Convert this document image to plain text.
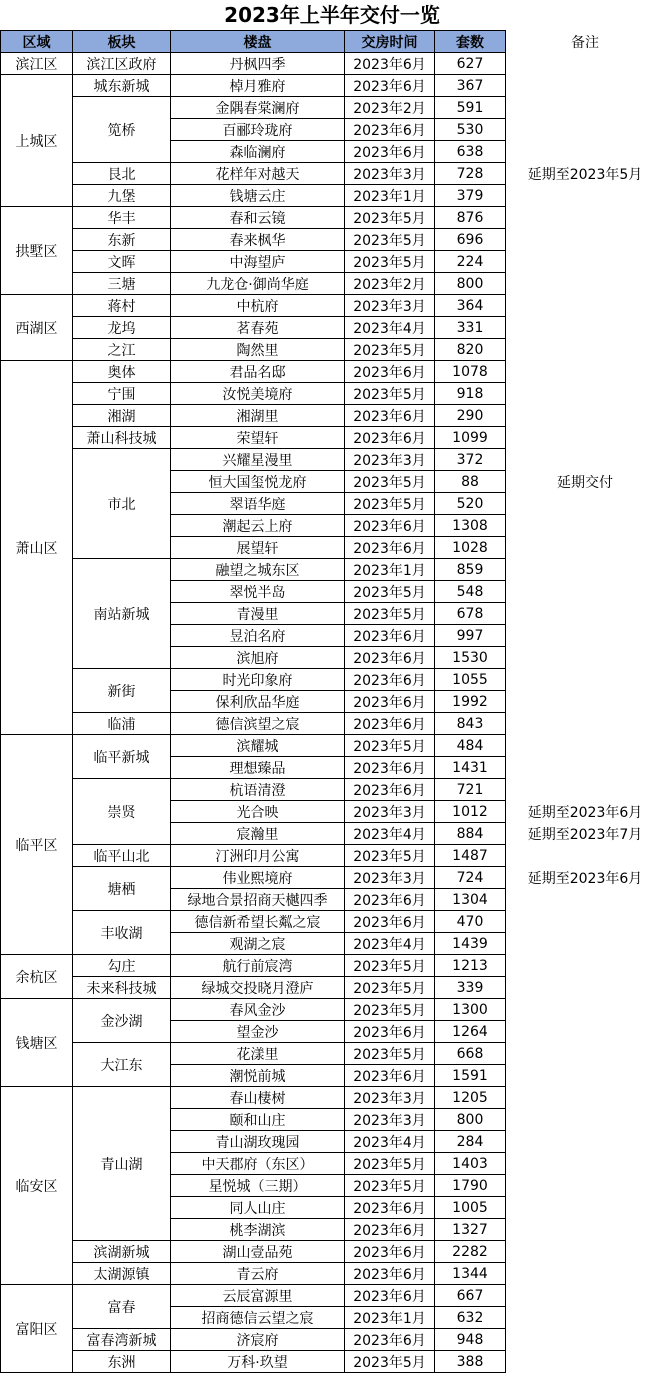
2023年上半年交付一览
区域	板块	楼盘	交房时间	套数	备注
滨江区	滨江区政府	丹枫四季	2023年6月	627	
上城区	城东新城	棹月雅府	2023年6月	367	
	笕桥	金隅春棠澜府	2023年2月	591	
		百郦玲珑府	2023年6月	530	
		森临澜府	2023年6月	638	
	艮北	花样年对越天	2023年3月	728	延期至2023年5月
	九堡	钱塘云庄	2023年1月	379	
拱墅区	华丰	春和云镜	2023年5月	876	
	东新	春来枫华	2023年5月	696	
	文晖	中海望庐	2023年5月	224	
	三塘	九龙仓·御尚华庭	2023年2月	800	
西湖区	蒋村	中杭府	2023年3月	364	
	龙坞	茗春苑	2023年4月	331	
	之江	陶然里	2023年5月	820	
萧山区	奥体	君品名邸	2023年6月	1078	
	宁围	汝悦美境府	2023年5月	918	
	湘湖	湘湖里	2023年6月	290	
	萧山科技城	荣望轩	2023年6月	1099	
	市北	兴耀星漫里	2023年3月	372	
		恒大国玺悦龙府	2023年5月	88	延期交付
		翠语华庭	2023年5月	520	
		潮起云上府	2023年6月	1308	
		展望轩	2023年6月	1028	
	南站新城	融望之城东区	2023年1月	859	
		翠悦半岛	2023年5月	548	
		青漫里	2023年5月	678	
		昱泊名府	2023年6月	997	
		滨旭府	2023年6月	1530	
	新街	时光印象府	2023年6月	1055	
		保利欣品华庭	2023年6月	1992	
	临浦	德信滨望之宸	2023年6月	843	
临平区	临平新城	滨耀城	2023年5月	484	
		理想臻品	2023年6月	1431	
	崇贤	杭语清澄	2023年6月	721	
		光合映	2023年3月	1012	延期至2023年6月
		宸瀚里	2023年4月	884	延期至2023年7月
	临平山北	汀洲印月公寓	2023年5月	1487	
	塘栖	伟业熙境府	2023年3月	724	延期至2023年6月
		绿地合景招商天樾四季	2023年6月	1304	
	丰收湖	德信新希望长粼之宸	2023年6月	470	
		观湖之宸	2023年4月	1439	
余杭区	勾庄	航行前宸湾	2023年5月	1213	
	未来科技城	绿城交投晓月澄庐	2023年5月	339	
钱塘区	金沙湖	春风金沙	2023年5月	1300	
		望金沙	2023年6月	1264	
	大江东	花漾里	2023年5月	668	
		潮悦前城	2023年6月	1591	
临安区	青山湖	春山棲树	2023年3月	1205	
		颐和山庄	2023年3月	800	
		青山湖玫瑰园	2023年4月	284	
		中天郡府（东区）	2023年5月	1403	
		星悦城（三期）	2023年5月	1790	
		同人山庄	2023年6月	1005	
		桃李湖滨	2023年6月	1327	
	滨湖新城	湖山壹品苑	2023年6月	2282	
	太湖源镇	青云府	2023年6月	1344	
富阳区	富春	云辰富源里	2023年6月	667	
		招商德信云望之宸	2023年1月	632	
	富春湾新城	济宸府	2023年6月	948	
	东洲	万科·玖望	2023年5月	388	
